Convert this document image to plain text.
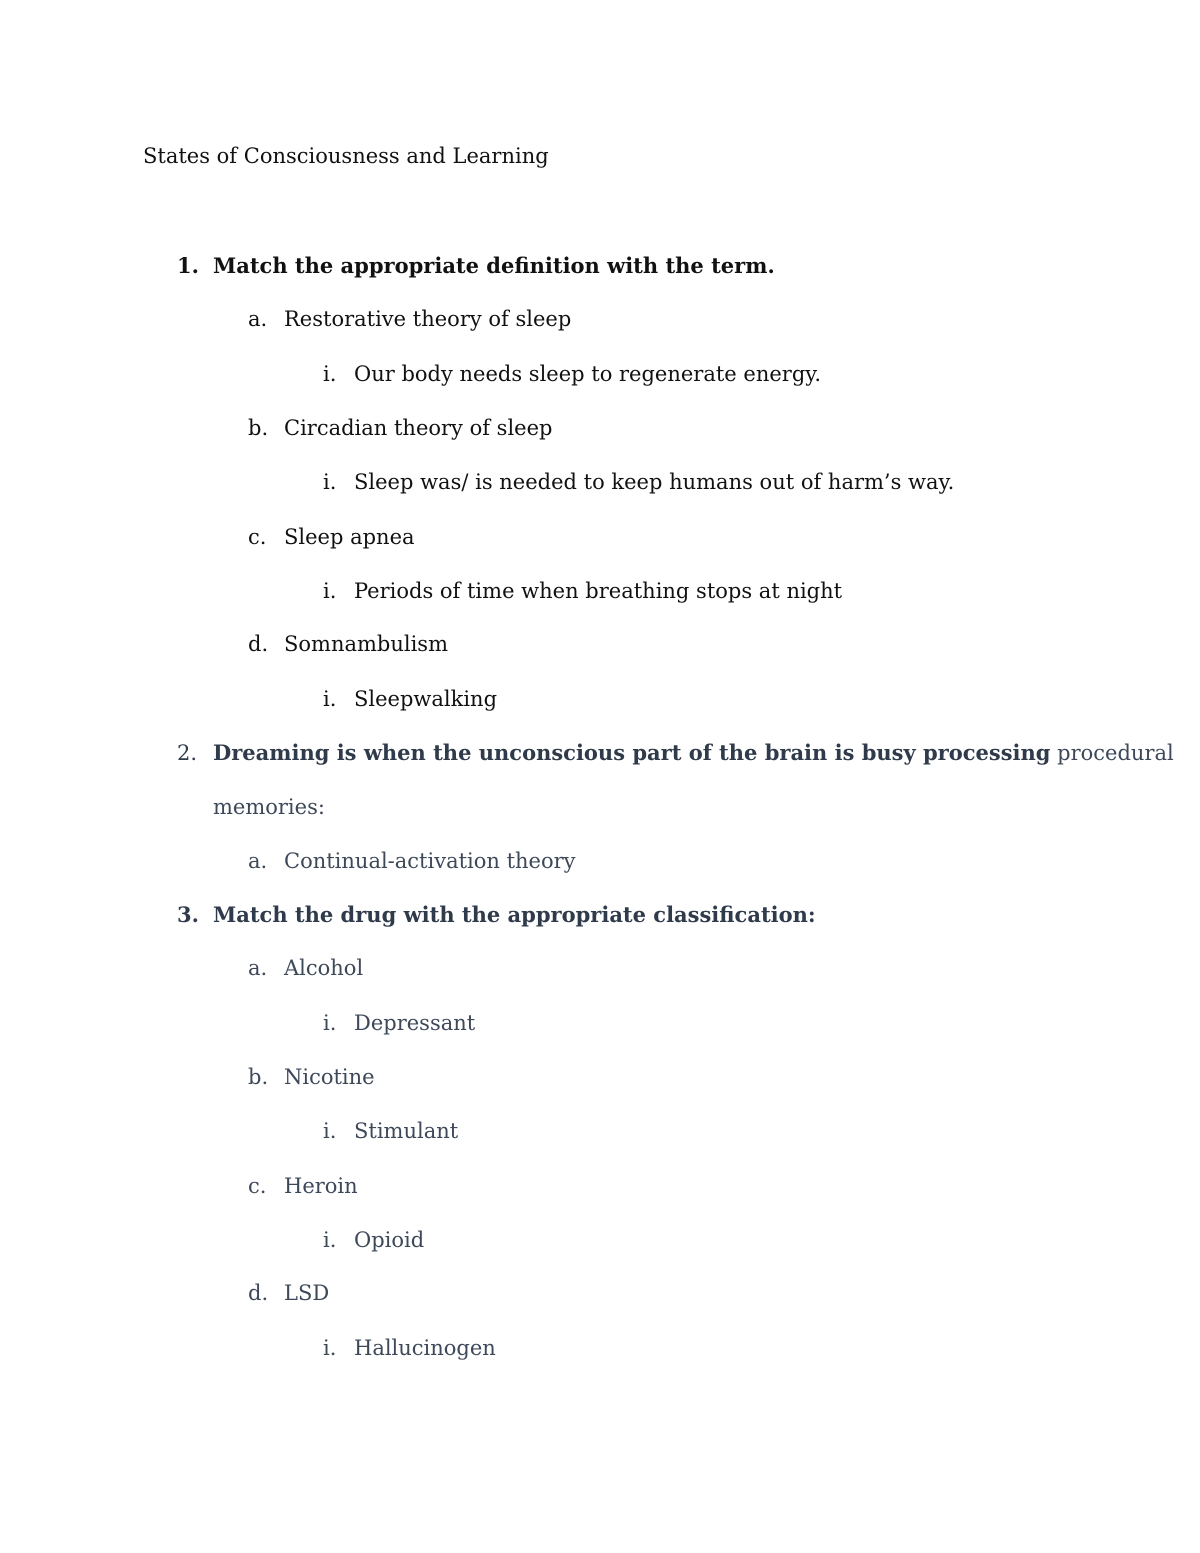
States of Consciousness and Learning
1. Match the appropriate definition with the term.
a. Restorative theory of sleep
i. Our body needs sleep to regenerate energy.
b. Circadian theory of sleep
i. Sleep was/ is needed to keep humans out of harm’s way.
c. Sleep apnea
i. Periods of time when breathing stops at night
d. Somnambulism
i. Sleepwalking
2. Dreaming is when the unconscious part of the brain is busy processing procedural
memories:
a. Continual-activation theory
3. Match the drug with the appropriate classification:
a. Alcohol
i. Depressant
b. Nicotine
i. Stimulant
c. Heroin
i. Opioid
d. LSD
i. Hallucinogen
